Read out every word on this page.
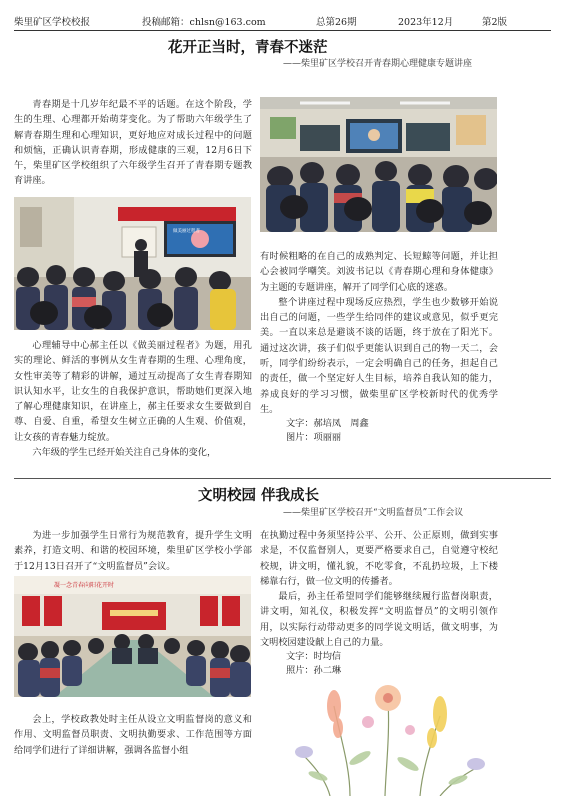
柴里矿区学校校报	投稿邮箱：chlsn@163.com	总第26期	2023年12月	第2版
花开正当时，青春不迷茫
——柴里矿区学校召开青春期心理健康专题讲座

青春期是十几岁年纪最不平的话题。在这个阶段，学生的生理、心理都开始萌芽变化。为了帮助六年级学生了解青春期生理和心理知识，更好地应对成长过程中的问题和烦恼，正确认识青春期，形成健康的三观，12月6日下午，柴里矿区学校组织了六年级学生召开了青春期专题教育讲座。

做美丽过程者

有时候粗略的在自己的成熟判定、长短鲸等问题，并让担心会被同学嘲笑。刘波书记以《青春期心理和身体健康》为主题的专题讲座，解开了同学们心底的迷惑。

整个讲座过程中现场反应热烈，学生也少数够开始说出自己的问题，一些学生给同伴的建议或意见，似乎更完美。一直以来总是避谈不谈的话题，终于放在了阳光下。通过这次讲，孩子们似乎更能认识到自己的物一天二，会听，同学们纷纷表示，一定会明确自己的任务，担起自己的责任，做一个坚定好人生目标，培养自我认知的能力，养成良好的学习习惯，做柴里矿区学校新时代的优秀学生。

文字：郝培凤　周鑫

图片：项丽丽

心理辅导中心郝主任以《做美丽过程者》为题，用孔实的理论、鲜活的事例从女生青春期的生理、心理角度，女性审美等了精彩的讲解，通过互动提高了女生青春期知识认知水平，让女生的自我保护意识，帮助她们更深入地了解心理健康知识，在讲座上，郝主任要求女生要做到自尊、自爱、自重，希望女生树立正确的人生观、价值观，让女孩的青春魅力绽放。

六年级的学生已经开始关注自己身体的变化，

文明校园 伴我成长
——柴里矿区学校召开“文明监督员”工作会议

为进一步加强学生日常行为规范教育，提升学生文明素养，打造文明、和谐的校园环境，柴里矿区学校小学部于12月13日召开了“文明监督员”会议。

凝一念青春向阳花开时

会上，学校政教处时主任从设立文明监督岗的意义和作用、文明监督员职责、文明执勤要求、工作范围等方面给同学们进行了详细讲解，强调各监督小组

在执勤过程中务须坚持公平、公开、公正原则，做到实事求是，不仅监督别人，更要严格要求自己，自觉遵守校纪校规，讲文明，懂礼貌，不吃零食，不乱扔垃圾，上下楼梯靠右行，做一位文明的传播者。

最后，孙主任希望同学们能够继续履行监督岗职责，讲文明，知礼仪，积极发挥“文明监督员”的文明引领作用，以实际行动带动更多的同学说文明话，做文明事，为文明校园建设献上自己的力量。

文字：时均信

照片：孙二琳
